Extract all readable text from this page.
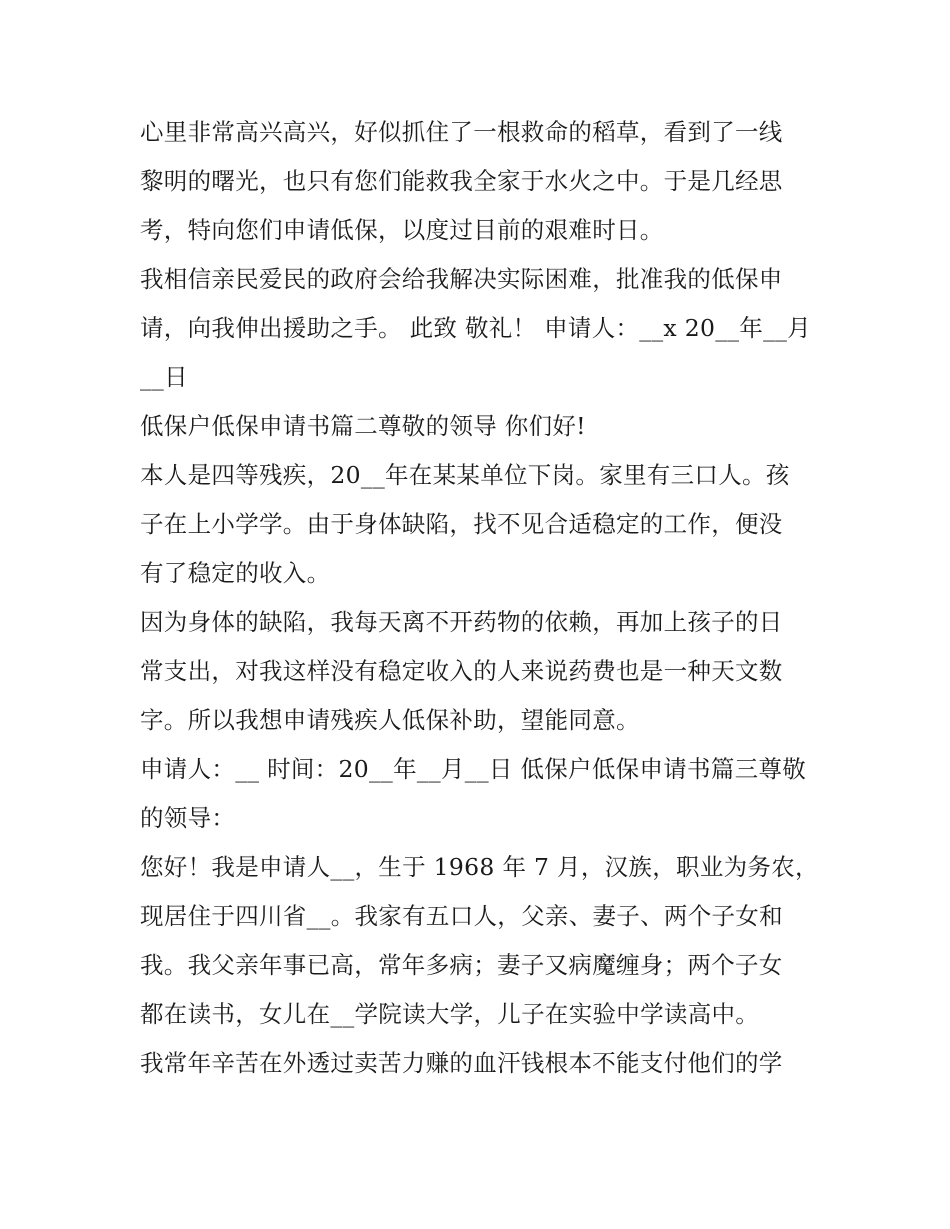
心里非常高兴高兴，好似抓住了一根救命的稻草，看到了一线
黎明的曙光，也只有您们能救我全家于水火之中。于是几经思
考，特向您们申请低保，以度过目前的艰难时日。
我相信亲民爱民的政府会给我解决实际困难，批准我的低保申
请，向我伸出援助之手。 此致 敬礼！ 申请人：__x 20__年__月
__日
低保户低保申请书篇二尊敬的领导 你们好!
本人是四等残疾，20__年在某某单位下岗。家里有三口人。孩
子在上小学学。由于身体缺陷，找不见合适稳定的工作，便没
有了稳定的收入。
因为身体的缺陷，我每天离不开药物的依赖，再加上孩子的日
常支出，对我这样没有稳定收入的人来说药费也是一种天文数
字。所以我想申请残疾人低保补助，望能同意。
申请人：__ 时间：20__年__月__日 低保户低保申请书篇三尊敬
的领导：
您好！我是申请人__，生于 1968 年 7 月，汉族，职业为务农，
现居住于四川省__。我家有五口人，父亲、妻子、两个子女和
我。我父亲年事已高，常年多病；妻子又病魔缠身；两个子女
都在读书，女儿在__学院读大学，儿子在实验中学读高中。
我常年辛苦在外透过卖苦力赚的血汗钱根本不能支付他们的学
